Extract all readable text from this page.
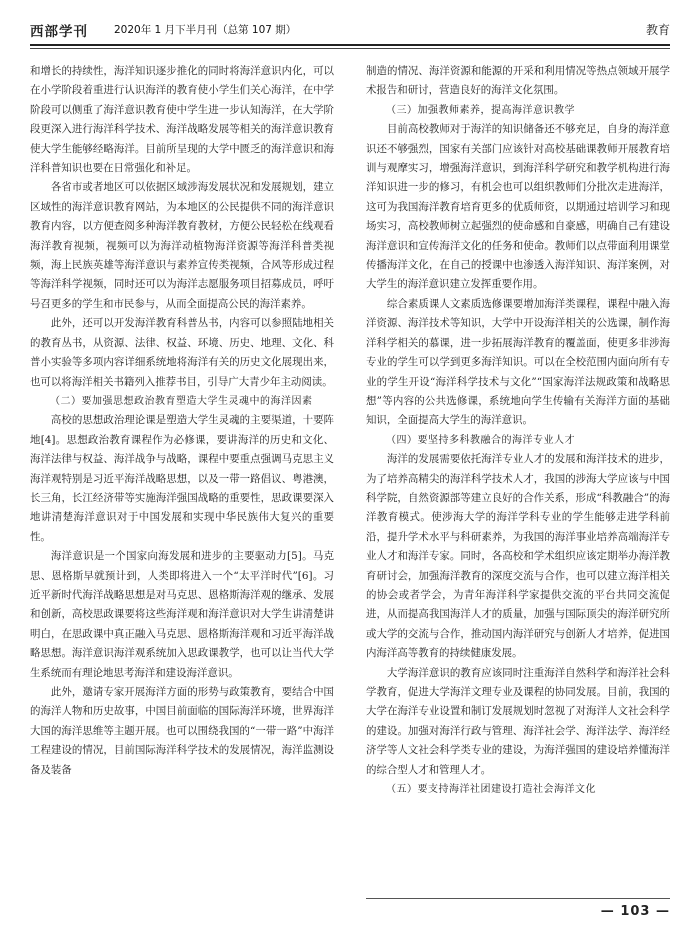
西部学刊 2020年 1 月下半月刊（总第 107 期）	教育

和增长的持续性，海洋知识逐步推化的同时将海洋意识内化，可以在小学阶段着重进行认识海洋的教育使小学生们关心海洋，在中学阶段可以侧重了海洋意识教育使中学生进一步认知海洋，在大学阶段更深入进行海洋科学技术、海洋战略发展等相关的海洋意识教育使大学生能够经略海洋。目前所呈现的大学中匮乏的海洋意识和海洋科普知识也要在日常强化和补足。

各省市或者地区可以依据区域涉海发展状况和发展规划，建立区域性的海洋意识教育网站，为本地区的公民提供不同的海洋意识教育内容，以方便查阅多种海洋教育教材，方便公民轻松在线观看海洋教育视频，视频可以为海洋动植物海洋资源等海洋科普类视频，海上民族英雄等海洋意识与素养宣传类视频，合风等形成过程等海洋科学视频，同时还可以为海洋志愿服务项目招募成员，呼吁号召更多的学生和市民参与，从而全面提高公民的海洋素养。

此外，还可以开发海洋教育科普丛书，内容可以参照陆地相关的教育丛书，从资源、法律、权益、环境、历史、地理、文化、科普小实验等多项内容详细系统地将海洋有关的历史文化展现出来，也可以将海洋相关书籍列入推荐书目，引导广大青少年主动阅读。

（二）要加强思想政治教育塑造大学生灵魂中的海洋因素

高校的思想政治理论课是塑造大学生灵魂的主要渠道，十要阵地[4]。思想政治教育课程作为必修课，要讲海洋的历史和文化、海洋法律与权益、海洋战争与战略，课程中要重点强调马克思主义海洋观特别是习近平海洋战略思想，以及一带一路倡议、粤港澳，长三角，长江经济带等实施海洋强国战略的重要性，思政课要深入地讲清楚海洋意识对于中国发展和实现中华民族伟大复兴的重要性。

海洋意识是一个国家向海发展和进步的主要驱动力[5]。马克思、恩格斯早就预计到，人类即将进入一个“太平洋时代”[6]。习近平新时代海洋战略思想是对马克思、恩格斯海洋观的继承、发展和创新，高校思政课要将这些海洋观和海洋意识对大学生讲清楚讲明白，在思政课中真正融入马克思、恩格斯海洋观和习近平海洋战略思想。海洋意识海洋观系统加入思政课教学，也可以让当代大学生系统而有理论地思考海洋和建设海洋意识。

此外，邀请专家开展海洋方面的形势与政策教育，要结合中国的海洋人物和历史故事，中国目前面临的国际海洋环境，世界海洋大国的海洋思维等主题开展。也可以围绕我国的“一带一路”中海洋工程建设的情况，目前国际海洋科学技术的发展情况，海洋监测设备及装备

制造的情况、海洋资源和能源的开采和利用情况等热点领域开展学术报告和研讨，营造良好的海洋文化氛围。

（三）加强教师素养，提高海洋意识教学

目前高校教师对于海洋的知识储备还不够充足，自身的海洋意识还不够强烈，国家有关部门应该针对高校基础课教师开展教育培训与观摩实习，增强海洋意识，到海洋科学研究和教学机构进行海洋知识进一步的修习，有机会也可以组织教师们分批次走进海洋，这可为我国海洋教育培育更多的优质师资，以期通过培训学习和现场实习，高校教师树立起强烈的使命感和自豪感，明确自己有建设海洋意识和宣传海洋文化的任务和使命。教师们以点带面利用课堂传播海洋文化，在自己的授课中也渗透入海洋知识、海洋案例，对大学生的海洋意识建立发挥重要作用。

综合素质课人文素质选修课要增加海洋类课程，课程中融入海洋资源、海洋技术等知识，大学中开设海洋相关的公选课，制作海洋科学相关的慕课，进一步拓展海洋教育的覆盖面，使更多非涉海专业的学生可以学到更多海洋知识。可以在全校范围内面向所有专业的学生开设“海洋科学技术与文化”“国家海洋法规政策和战略思想”等内容的公共选修课，系统地向学生传输有关海洋方面的基础知识，全面提高大学生的海洋意识。

（四）要坚持多科教融合的海洋专业人才

海洋的发展需要依托海洋专业人才的发展和海洋技术的进步，为了培养高精尖的海洋科学技术人才，我国的涉海大学应该与中国科学院，自然资源部等建立良好的合作关系，形成“科教融合”的海洋教育模式。使涉海大学的海洋学科专业的学生能够走进学科前沿，提升学术水平与科研素养，为我国的海洋事业培养高端海洋专业人才和海洋专家。同时，各高校和学术组织应该定期举办海洋教育研讨会，加强海洋教育的深度交流与合作，也可以建立海洋相关的协会或者学会，为青年海洋科学家提供交流的平台共同交流促进，从而提高我国海洋人才的质量，加强与国际顶尖的海洋研究所或大学的交流与合作，推动国内海洋研究与创新人才培养，促进国内海洋高等教育的持续健康发展。

大学海洋意识的教育应该同时注重海洋自然科学和海洋社会科学教育，促进大学海洋文理专业及课程的协同发展。目前，我国的大学在海洋专业设置和制订发展规划时忽视了对海洋人文社会科学的建设。加强对海洋行政与管理、海洋社会学、海洋法学、海洋经济学等人文社会科学类专业的建设，为海洋强国的建设培养懂海洋的综合型人才和管理人才。

（五）要支持海洋社团建设打造社会海洋文化

— 103 —
